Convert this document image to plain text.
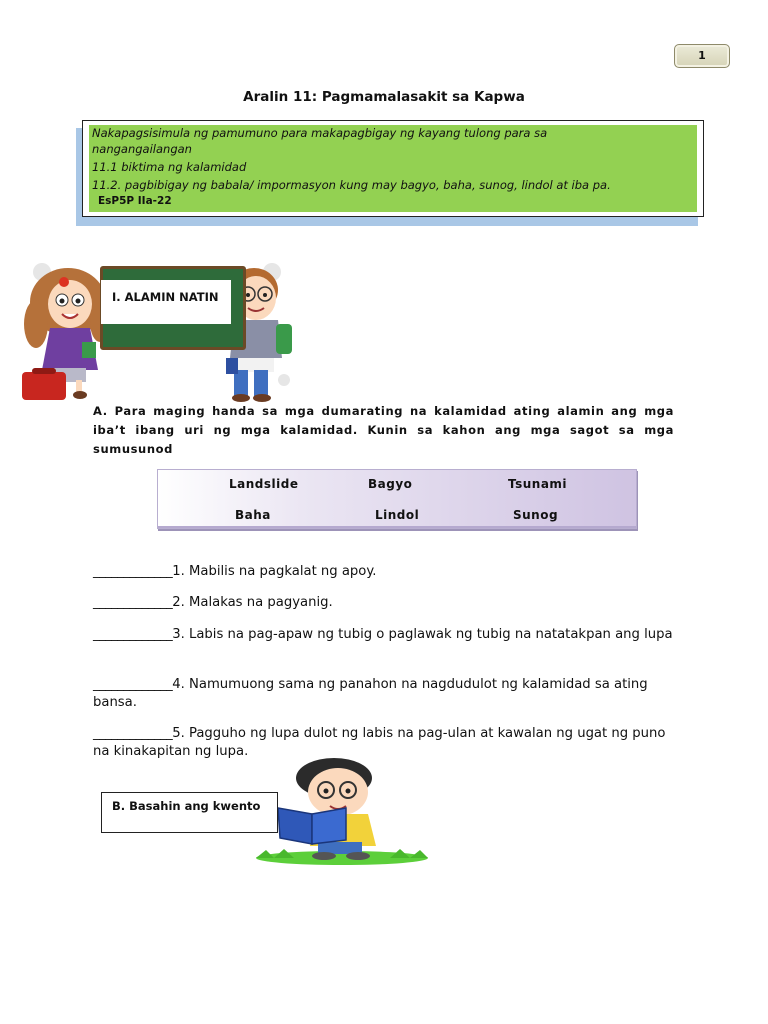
1
Aralin 11: Pagmamalasakit sa Kapwa
Nakapagsisimula ng pamumuno para makapagbigay ng kayang tulong para sa
nangangailangan
11.1 biktima ng kalamidad
11.2. pagbibigay ng babala/ impormasyon kung may bagyo, baha, sunog, lindol at iba pa.
EsP5P IIa-22
I. ALAMIN NATIN
A. Para maging handa sa mga dumarating na kalamidad ating alamin ang mga iba’t ibang uri ng mga kalamidad. Kunin sa kahon ang mga sagot sa mga sumusunod
Landslide	Bagyo	Tsunami
Baha	Lindol	Sunog
_____________1. Mabilis na pagkalat ng apoy.
_____________2. Malakas na pagyanig.
_____________3. Labis na pag-apaw ng tubig o paglawak ng tubig na natatakpan ang lupa
_____________4. Namumuong sama ng panahon na nagdudulot ng kalamidad sa ating bansa.
_____________5. Pagguho ng lupa dulot ng labis na pag-ulan at kawalan ng ugat ng puno na kinakapitan ng lupa.
B. Basahin ang kwento
